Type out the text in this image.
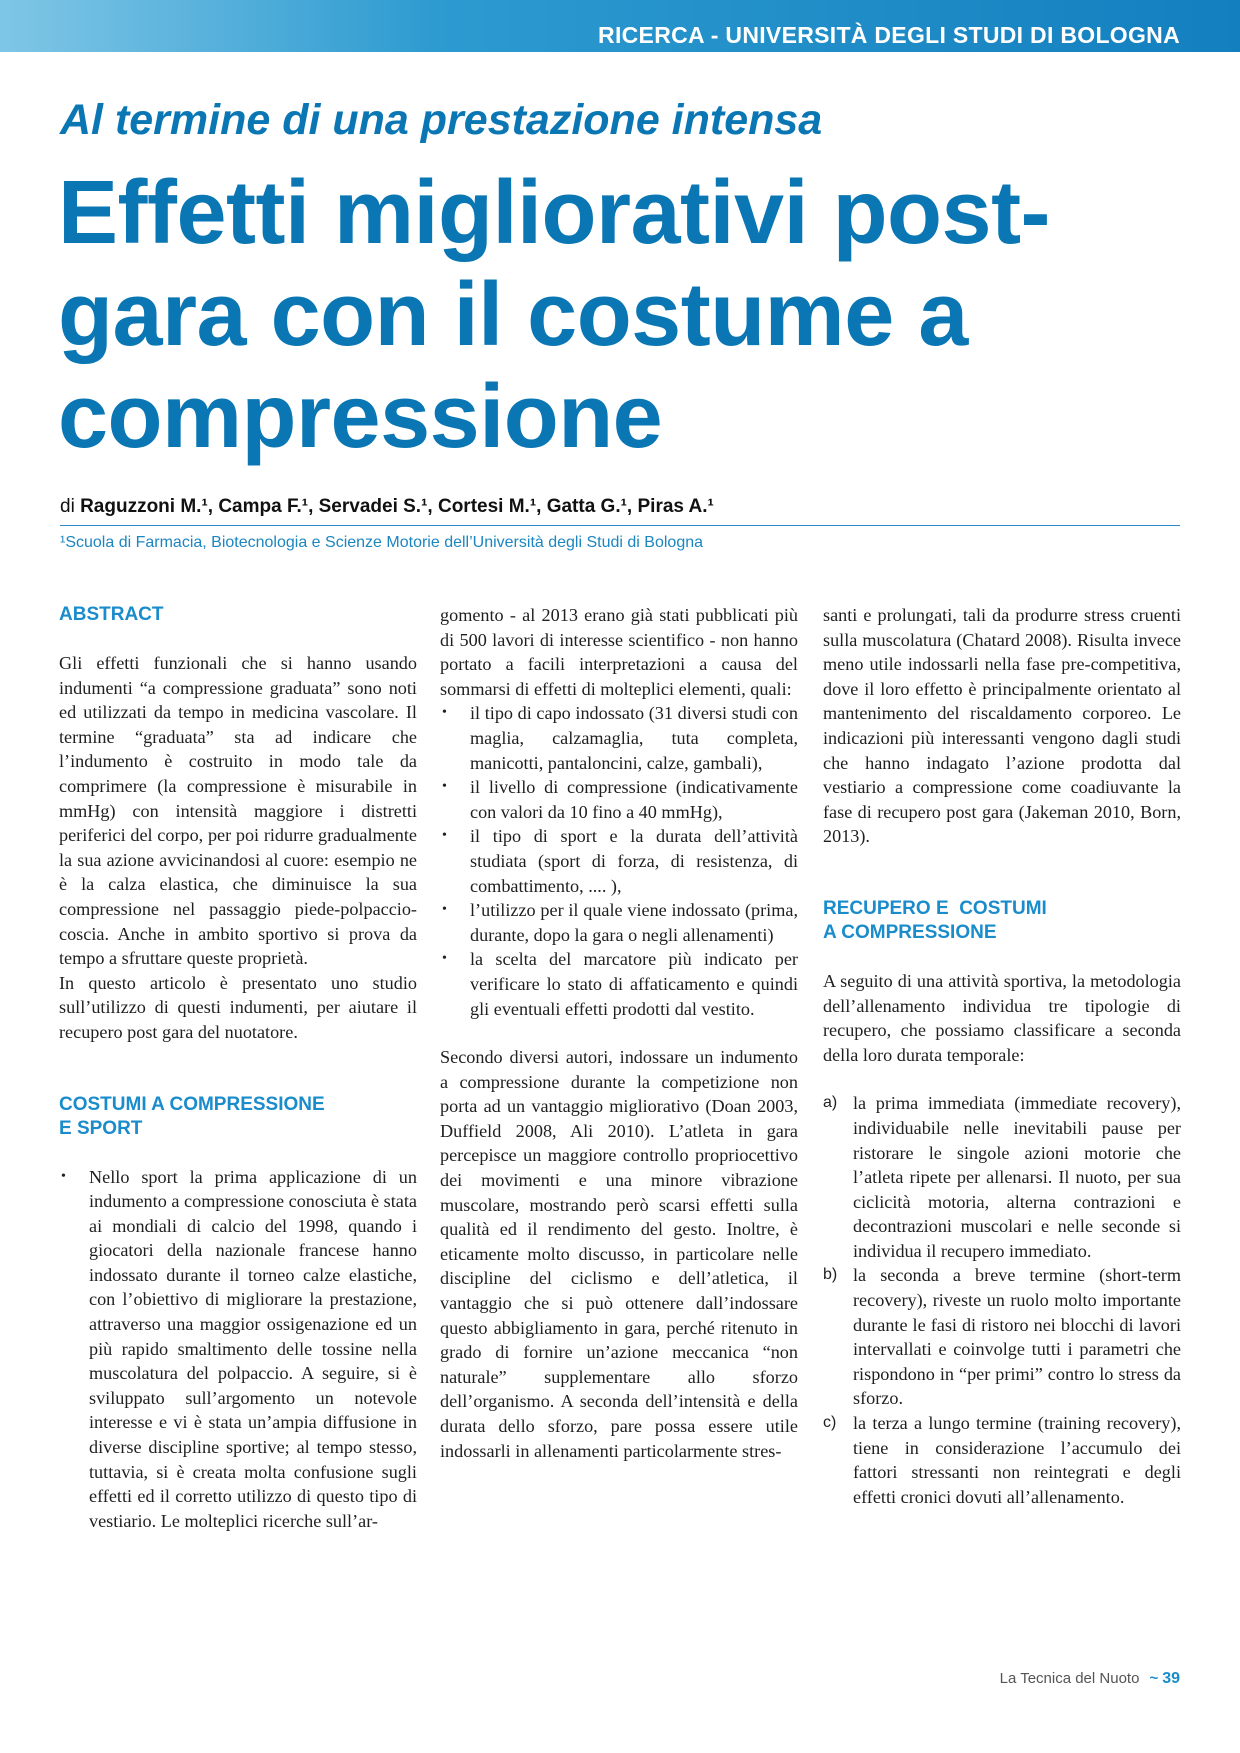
RICERCA - UNIVERSITÀ DEGLI STUDI DI BOLOGNA
Al termine di una prestazione intensa
Effetti migliorativi post-gara con il costume a compressione
di Raguzzoni M.¹, Campa F.¹, Servadei S.¹, Cortesi M.¹, Gatta G.¹, Piras A.¹
¹Scuola di Farmacia, Biotecnologia e Scienze Motorie dell’Università degli Studi di Bologna
ABSTRACT

Gli effetti funzionali che si hanno usando indumenti “a compressione graduata” sono noti ed utilizzati da tempo in medicina vascolare. Il termine “graduata” sta ad indicare che l’indumento è costruito in modo tale da comprimere (la compressione è misurabile in mmHg) con intensità maggiore i distretti periferici del corpo, per poi ridurre gradualmente la sua azione avvicinandosi al cuore: esempio ne è la calza elastica, che diminuisce la sua compressione nel passaggio piede-polpaccio-coscia. Anche in ambito sportivo si prova da tempo a sfruttare queste proprietà.

In questo articolo è presentato uno studio sull’utilizzo di questi indumenti, per aiutare il recupero post gara del nuotatore.

COSTUMI A COMPRESSIONE
E SPORT
• Nello sport la prima applicazione di un indumento a compressione conosciuta è stata ai mondiali di calcio del 1998, quando i giocatori della nazionale francese hanno indossato durante il torneo calze elastiche, con l’obiettivo di migliorare la prestazione, attraverso una maggior ossigenazione ed un più rapido smaltimento delle tossine nella muscolatura del polpaccio. A seguire, si è sviluppato sull’argomento un notevole interesse e vi è stata un’ampia diffusione in diverse discipline sportive; al tempo stesso, tuttavia, si è creata molta confusione sugli effetti ed il corretto utilizzo di questo tipo di vestiario. Le molteplici ricerche sull’ar-

gomento - al 2013 erano già stati pubblicati più di 500 lavori di interesse scientifico - non hanno portato a facili interpretazioni a causa del sommarsi di effetti di molteplici elementi, quali:

• il tipo di capo indossato (31 diversi studi con maglia, calzamaglia, tuta completa, manicotti, pantaloncini, calze, gambali),
• il livello di compressione (indicativamente con valori da 10 fino a 40 mmHg),
• il tipo di sport e la durata dell’attività studiata (sport di forza, di resistenza, di combattimento, .... ),
• l’utilizzo per il quale viene indossato (prima, durante, dopo la gara o negli allenamenti)
• la scelta del marcatore più indicato per verificare lo stato di affaticamento e quindi gli eventuali effetti prodotti dal vestito.

Secondo diversi autori, indossare un indumento a compressione durante la competizione non porta ad un vantaggio migliorativo (Doan 2003, Duffield 2008, Ali 2010). L’atleta in gara percepisce un maggiore controllo propriocettivo dei movimenti e una minore vibrazione muscolare, mostrando però scarsi effetti sulla qualità ed il rendimento del gesto. Inoltre, è eticamente molto discusso, in particolare nelle discipline del ciclismo e dell’atletica, il vantaggio che si può ottenere dall’indossare questo abbigliamento in gara, perché ritenuto in grado di fornire un’azione meccanica “non naturale” supplementare allo sforzo dell’organismo. A seconda dell’intensità e della durata dello sforzo, pare possa essere utile indossarli in allenamenti particolarmente stres-

santi e prolungati, tali da produrre stress cruenti sulla muscolatura (Chatard 2008). Risulta invece meno utile indossarli nella fase pre-competitiva, dove il loro effetto è principalmente orientato al mantenimento del riscaldamento corporeo. Le indicazioni più interessanti vengono dagli studi che hanno indagato l’azione prodotta dal vestiario a compressione come coadiuvante la fase di recupero post gara (Jakeman 2010, Born, 2013).

RECUPERO E  COSTUMI
A COMPRESSIONE

A seguito di una attività sportiva, la metodologia dell’allenamento individua tre tipologie di recupero, che possiamo classificare a seconda della loro durata temporale:

a) la prima immediata (immediate recovery), individuabile nelle inevitabili pause per ristorare le singole azioni motorie che l’atleta ripete per allenarsi. Il nuoto, per sua ciclicità motoria, alterna contrazioni e decontrazioni muscolari e nelle seconde si individua il recupero immediato.
b) la seconda a breve termine (short-term recovery), riveste un ruolo molto importante durante le fasi di ristoro nei blocchi di lavori intervallati e coinvolge tutti i parametri che rispondono in “per primi” contro lo stress da sforzo.
c) la terza a lungo termine (training recovery), tiene in considerazione l’accumulo dei fattori stressanti non reintegrati e degli effetti cronici dovuti all’allenamento.
La Tecnica del Nuoto ~ 39
